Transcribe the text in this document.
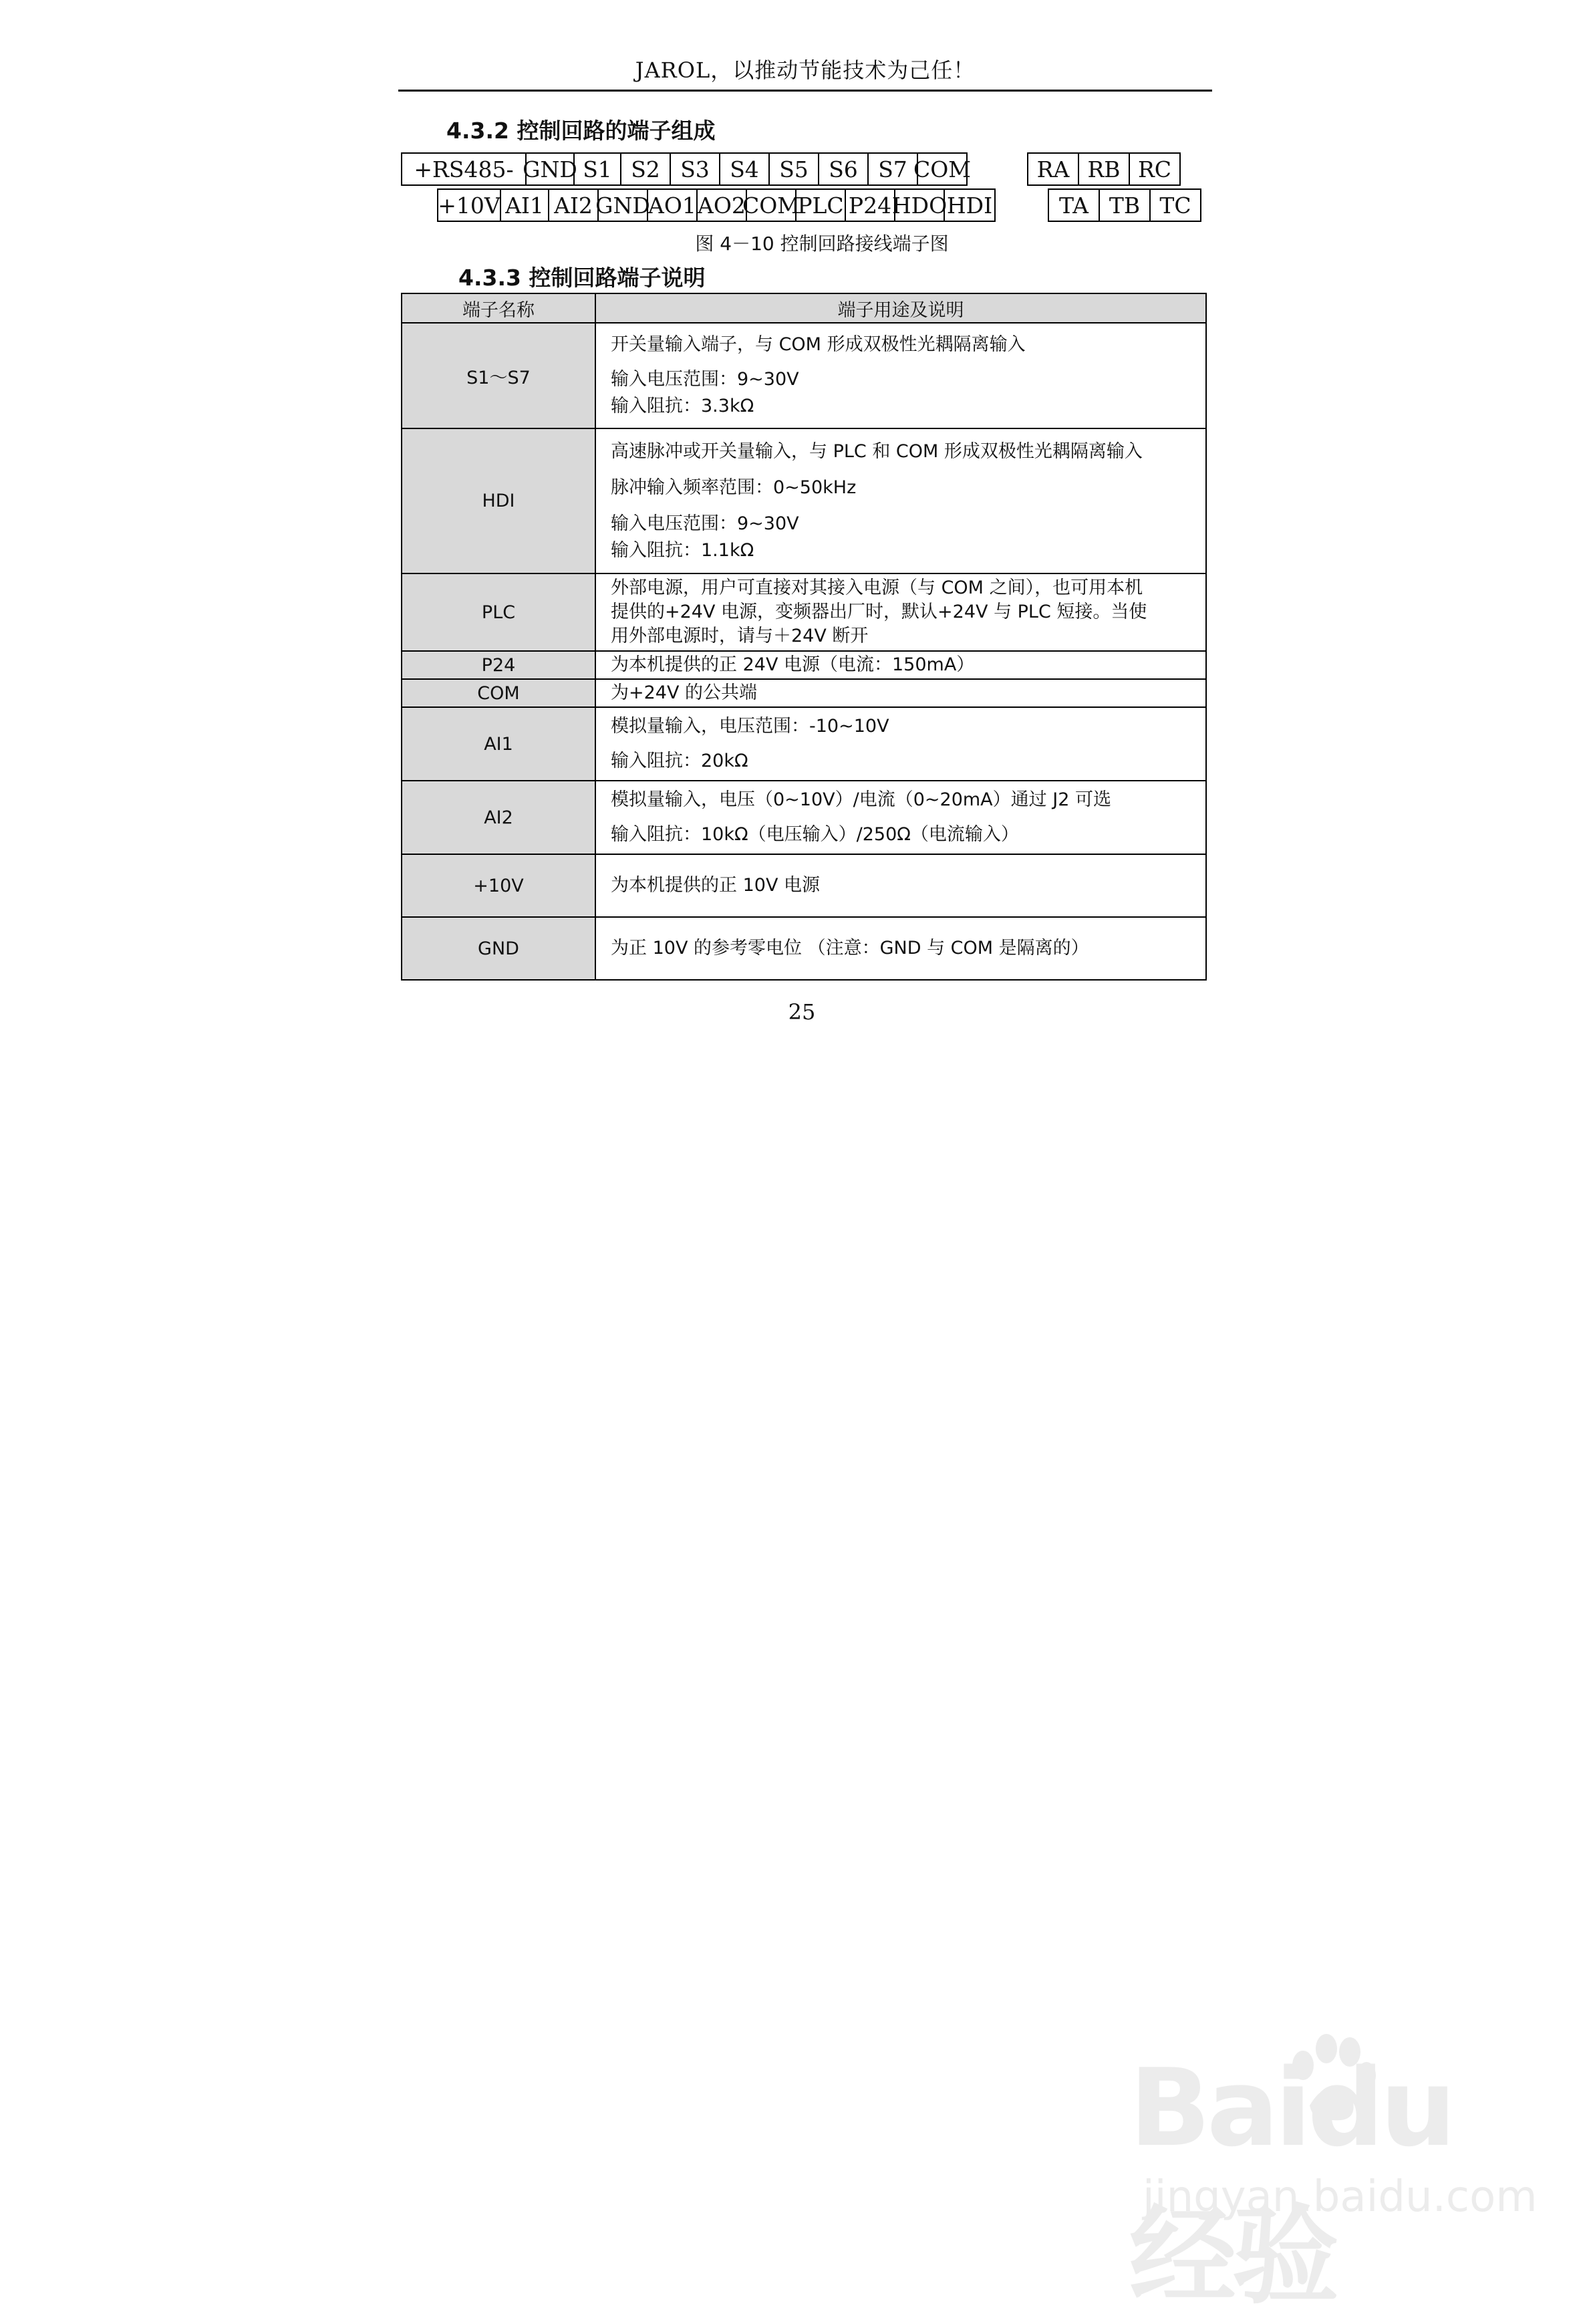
JAROL，以推动节能技术为己任！
4.3.2 控制回路的端子组成
+RS485- GND S1 S2 S3 S4 S5 S6 S7 COM	RA RB RC
+10V AI1 AI2 GND
AO1 AO2
COM
PLC P24 HDO HDI	TA TB TC
图 4－10 控制回路接线端子图
4.3.3 控制回路端子说明
端子名称	端子用途及说明
S1～S7	开关量输入端子，与 COM 形成双极性光耦隔离输入
输入电压范围：9~30V
输入阻抗：3.3kΩ

HDI	高速脉冲或开关量输入，与 PLC 和 COM 形成双极性光耦隔离输入
脉冲输入频率范围：0~50kHz
输入电压范围：9~30V
输入阻抗：1.1kΩ

PLC	外部电源，用户可直接对其接入电源（与 COM 之间），也可用本机
提供的+24V 电源，变频器出厂时，默认+24V 与 PLC 短接。当使
用外部电源时，请与＋24V 断开

P24	为本机提供的正 24V 电源（电流：150mA）

COM	为+24V 的公共端

AI1	模拟量输入，电压范围：-10~10V
输入阻抗：20kΩ

AI2	模拟量输入，电压（0~10V）/电流（0~20mA）通过 J2 可选
输入阻抗：10kΩ（电压输入）/250Ω（电流输入）

+10V	为本机提供的正 10V 电源

GND	为正 10V 的参考零电位 （注意：GND 与 COM 是隔离的）
25
Baidu经验
jingyan.baidu.com
